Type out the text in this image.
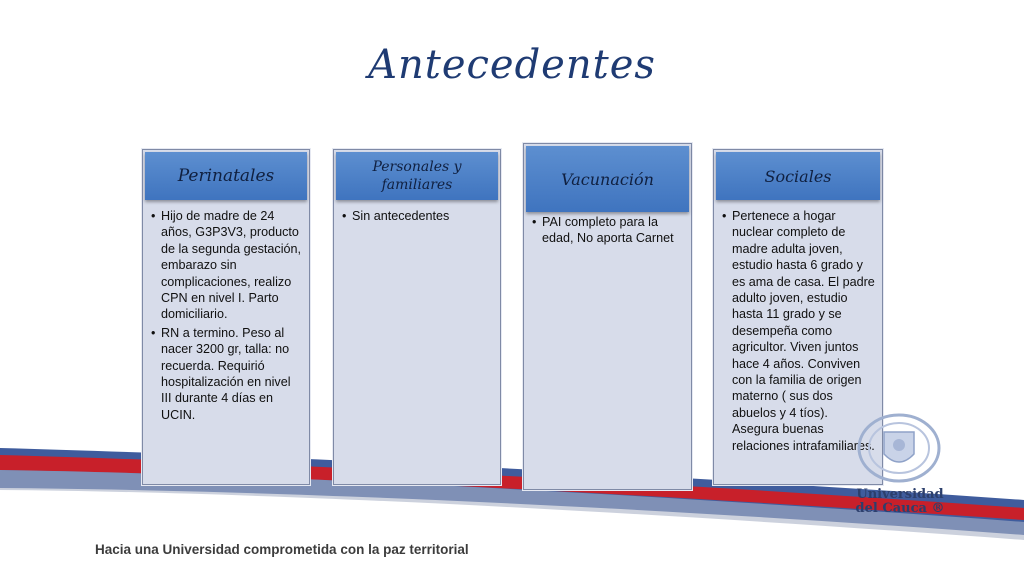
Antecedentes
Perinatales
• Hijo de madre de 24 años, G3P3V3, producto de la segunda gestación, embarazo sin complicaciones, realizo CPN en nivel I. Parto domiciliario.
• RN a termino. Peso al nacer 3200 gr, talla: no recuerda. Requirió hospitalización en nivel III durante 4 días en UCIN.
Personales y familiares
• Sin antecedentes
Vacunación
• PAI completo para la edad, No aporta Carnet
Sociales
• Pertenece a hogar nuclear completo de madre adulta joven, estudio hasta 6 grado y es ama de casa. El padre adulto joven, estudio hasta 11 grado y se desempeña como agricultor. Viven juntos hace 4 años. Conviven con la familia de origen materno ( sus dos abuelos y 4 tíos). Asegura buenas relaciones intrafamiliares.
Universidad
del Cauca ®
Hacia una Universidad comprometida con la paz territorial
